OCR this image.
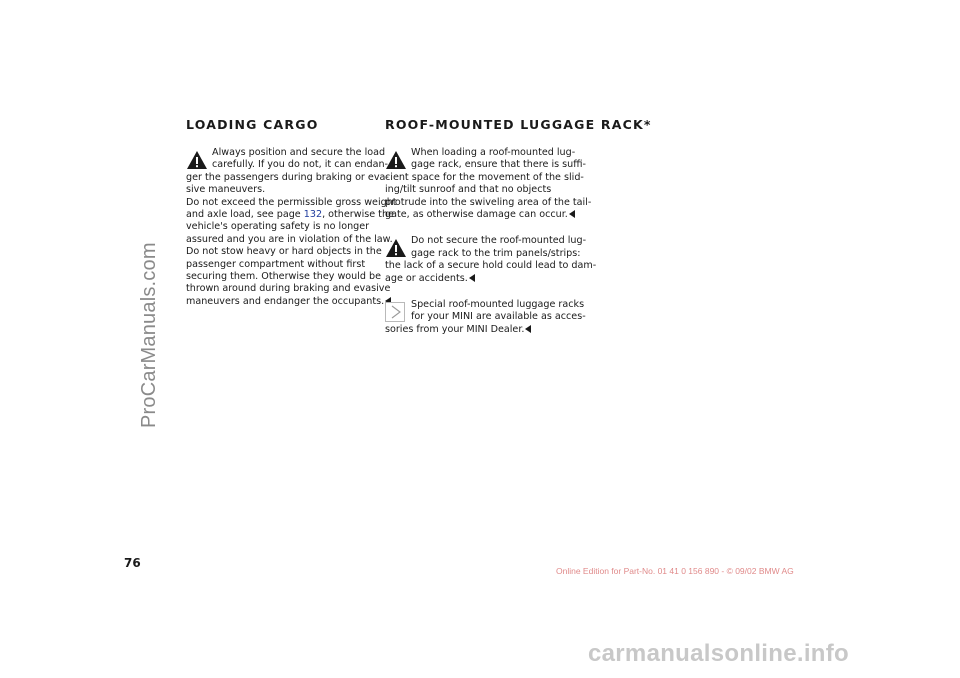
ProCarManuals.com
LOADING CARGO	ROOF-MOUNTED LUGGAGE RACK*

Always position and secure the load
carefully. If you do not, it can endan-
ger the passengers during braking or eva-
sive maneuvers.
Do not exceed the permissible gross weight
and axle load, see page 132, otherwise the
vehicle's operating safety is no longer
assured and you are in violation of the law.
Do not stow heavy or hard objects in the
passenger compartment without first
securing them. Otherwise they would be
thrown around during braking and evasive
maneuvers and endanger the occupants.

When loading a roof-mounted lug-
gage rack, ensure that there is suffi-
cient space for the movement of the slid-
ing/tilt sunroof and that no objects
protrude into the swiveling area of the tail-
gate, as otherwise damage can occur.

Do not secure the roof-mounted lug-
gage rack to the trim panels/strips:
the lack of a secure hold could lead to dam-
age or accidents.

Special roof-mounted luggage racks
for your MINI are available as acces-
sories from your MINI Dealer.

76
Online Edition for Part-No. 01 41 0 156 890 - © 09/02 BMW AG
carmanualsonline.info
